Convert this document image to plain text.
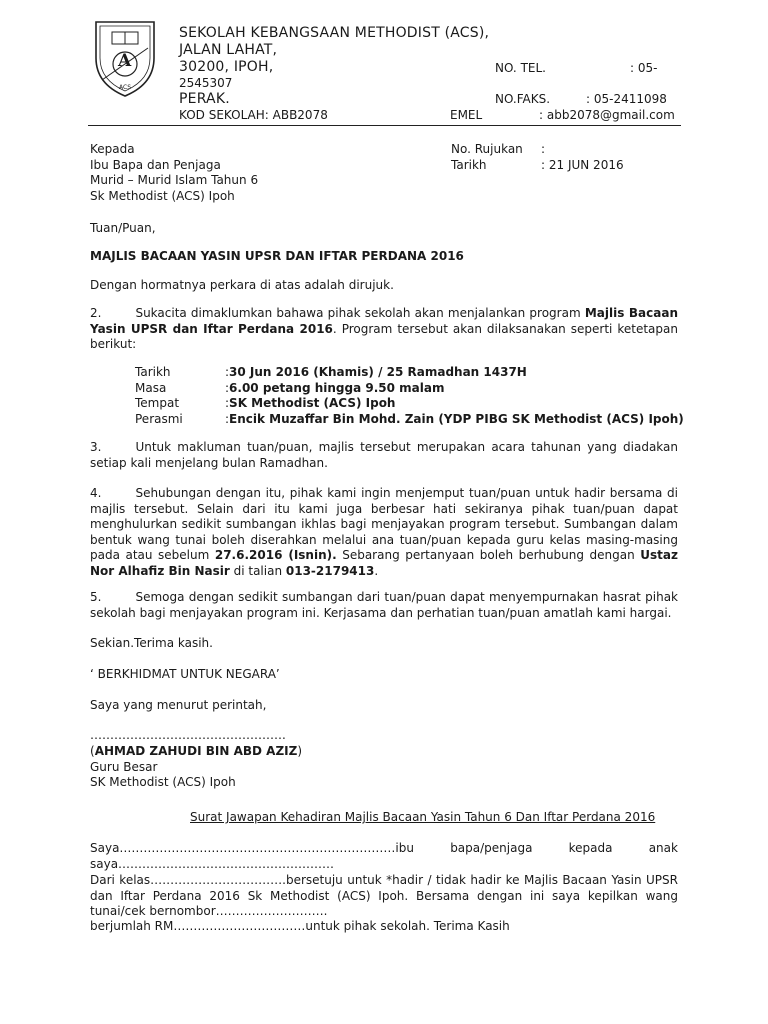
A
ACS
SEKOLAH KEBANGSAAN METHODIST (ACS),
JALAN LAHAT,
30200, IPOH,
2545307
PERAK.
KOD SEKOLAH: ABB2078
NO. TEL.	: 05-
NO.FAKS.	: 05-2411098
EMEL	: abb2078@gmail.com
Kepada
Ibu Bapa dan Penjaga
Murid – Murid Islam Tahun 6
Sk Methodist (ACS) Ipoh
No. Rujukan :
Tarikh	: 21 JUN 2016
Tuan/Puan,
MAJLIS BACAAN YASIN UPSR DAN IFTAR PERDANA 2016
Dengan hormatnya perkara di atas adalah dirujuk.
2.	Sukacita dimaklumkan bahawa pihak sekolah akan menjalankan program Majlis Bacaan Yasin UPSR dan Iftar Perdana 2016. Program tersebut akan dilaksanakan seperti ketetapan berikut:
Tarikh	:	30 Jun 2016 (Khamis) / 25 Ramadhan 1437H
Masa	:	6.00 petang hingga 9.50 malam
Tempat	:	SK Methodist (ACS) Ipoh
Perasmi	:	Encik Muzaffar Bin Mohd. Zain (YDP PIBG SK Methodist (ACS) Ipoh)
3.	Untuk makluman tuan/puan, majlis tersebut merupakan acara tahunan yang diadakan setiap kali menjelang bulan Ramadhan.
4.	Sehubungan dengan itu, pihak kami ingin menjemput tuan/puan untuk hadir bersama di majlis tersebut. Selain dari itu kami juga berbesar hati sekiranya pihak tuan/puan dapat menghulurkan sedikit sumbangan ikhlas bagi menjayakan program tersebut. Sumbangan dalam bentuk wang tunai boleh diserahkan melalui ana tuan/puan kepada guru kelas masing-masing pada atau sebelum 27.6.2016 (Isnin). Sebarang pertanyaan boleh berhubung dengan Ustaz Nor Alhafiz Bin Nasir di talian 013-2179413.
5.	Semoga dengan sedikit sumbangan dari tuan/puan dapat menyempurnakan hasrat pihak sekolah bagi menjayakan program ini. Kerjasama dan perhatian tuan/puan amatlah kami hargai.
Sekian.Terima kasih.
‘ BERKHIDMAT UNTUK NEGARA’
Saya yang menurut perintah,
………………………………………….
(AHMAD ZAHUDI BIN ABD AZIZ)
Guru Besar
SK Methodist (ACS) Ipoh
Surat Jawapan Kehadiran Majlis Bacaan Yasin Tahun 6 Dan Iftar Perdana 2016
Saya……………………………………………………………ibu	bapa/penjaga	kepada	anak
saya………………………………………………
Dari kelas…………………………….bersetuju untuk *hadir / tidak hadir ke Majlis Bacaan Yasin UPSR dan Iftar Perdana 2016 Sk Methodist (ACS) Ipoh. Bersama dengan ini saya kepilkan wang tunai/cek bernombor……………………….
berjumlah RM……………………………untuk pihak sekolah. Terima Kasih
